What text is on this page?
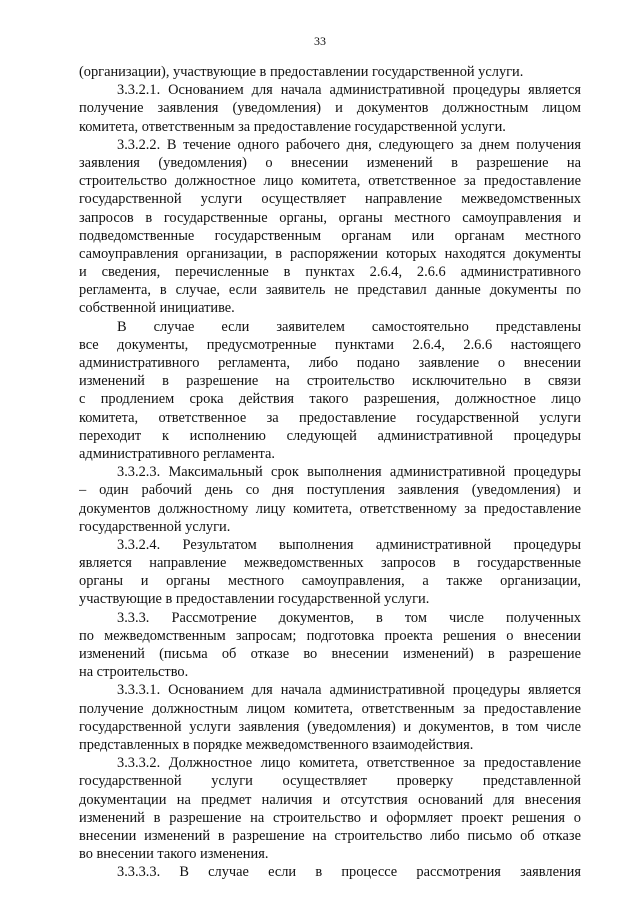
33
(организации), участвующие в предоставлении государственной услуги.
3.3.2.1. Основанием для начала административной процедуры является
получение заявления (уведомления) и документов должностным лицом
комитета, ответственным за предоставление государственной услуги.
3.3.2.2. В течение одного рабочего дня, следующего за днем получения
заявления (уведомления) о внесении изменений в разрешение на
строительство должностное лицо комитета, ответственное за предоставление
государственной услуги осуществляет направление межведомственных
запросов в государственные органы, органы местного самоуправления и
подведомственные государственным органам или органам местного
самоуправления организации, в распоряжении которых находятся документы
и сведения, перечисленные в пунктах 2.6.4, 2.6.6 административного
регламента, в случае, если заявитель не представил данные документы по
собственной инициативе.
В случае если заявителем самостоятельно представлены
все документы, предусмотренные пунктами 2.6.4, 2.6.6 настоящего
административного регламента, либо подано заявление о внесении
изменений в разрешение на строительство исключительно в связи
с продлением срока действия такого разрешения, должностное лицо
комитета, ответственное за предоставление государственной услуги
переходит к исполнению следующей административной процедуры
административного регламента.
3.3.2.3. Максимальный срок выполнения административной процедуры
– один рабочий день со дня поступления заявления (уведомления) и
документов должностному лицу комитета, ответственному за предоставление
государственной услуги.
3.3.2.4. Результатом выполнения административной процедуры
является направление межведомственных запросов в государственные
органы и органы местного самоуправления, а также организации,
участвующие в предоставлении государственной услуги.
3.3.3. Рассмотрение документов, в том числе полученных
по межведомственным запросам; подготовка проекта решения о внесении
изменений (письма об отказе во внесении изменений) в разрешение
на строительство.
3.3.3.1. Основанием для начала административной процедуры является
получение должностным лицом комитета, ответственным за предоставление
государственной услуги заявления (уведомления) и документов, в том числе
представленных в порядке межведомственного взаимодействия.
3.3.3.2. Должностное лицо комитета, ответственное за предоставление
государственной услуги осуществляет проверку представленной
документации на предмет наличия и отсутствия оснований для внесения
изменений в разрешение на строительство и оформляет проект решения о
внесении изменений в разрешение на строительство либо письмо об отказе
во внесении такого изменения.
3.3.3.3. В случае если в процессе рассмотрения заявления
